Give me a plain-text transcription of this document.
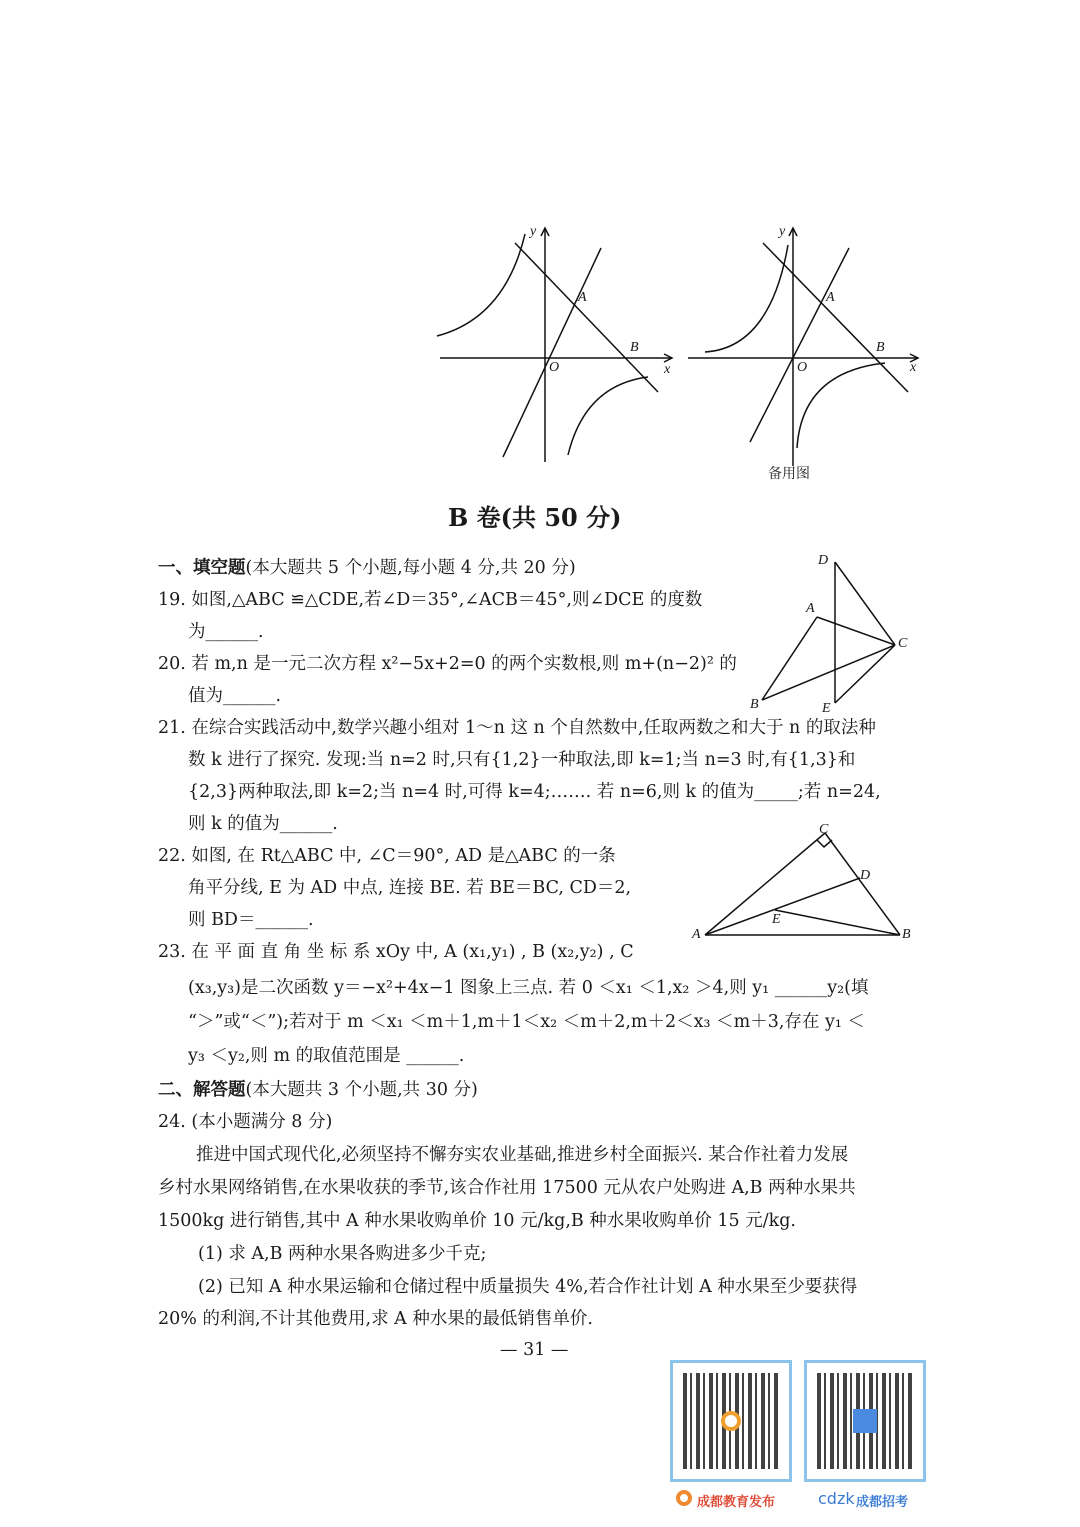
y
x
O
A
B
y
x
O
A
B
备用图
D
A
C
B	E
C
D
A
E
B
B 卷(共 50 分)
一、填空题(本大题共 5 个小题,每小题 4 分,共 20 分)
19. 如图,△ABC ≌△CDE,若∠D＝35°,∠ACB＝45°,则∠DCE 的度数
为______.
20. 若 m,n 是一元二次方程 x²−5x+2=0 的两个实数根,则 m+(n−2)² 的
值为______.
21. 在综合实践活动中,数学兴趣小组对 1～n 这 n 个自然数中,任取两数之和大于 n 的取法种
数 k 进行了探究. 发现:当 n=2 时,只有{1,2}一种取法,即 k=1;当 n=3 时,有{1,3}和
{2,3}两种取法,即 k=2;当 n=4 时,可得 k=4;……. 若 n=6,则 k 的值为_____;若 n=24,
则 k 的值为______.
22. 如图, 在 Rt△ABC 中, ∠C＝90°, AD 是△ABC 的一条
角平分线, E 为 AD 中点, 连接 BE. 若 BE＝BC, CD＝2,
则 BD＝______.
23. 在 平 面 直 角 坐 标 系 xOy 中, A (x₁,y₁) , B (x₂,y₂) , C
(x₃,y₃)是二次函数 y＝−x²+4x−1 图象上三点. 若 0 ＜x₁ ＜1,x₂ ＞4,则 y₁ ______y₂(填
“＞”或“＜”);若对于 m ＜x₁ ＜m＋1,m＋1＜x₂ ＜m＋2,m＋2＜x₃ ＜m＋3,存在 y₁ ＜
y₃ ＜y₂,则 m 的取值范围是 ______.
二、解答题(本大题共 3 个小题,共 30 分)
24. (本小题满分 8 分)
推进中国式现代化,必须坚持不懈夯实农业基础,推进乡村全面振兴. 某合作社着力发展
乡村水果网络销售,在水果收获的季节,该合作社用 17500 元从农户处购进 A,B 两种水果共
1500kg 进行销售,其中 A 种水果收购单价 10 元/kg,B 种水果收购单价 15 元/kg.
(1) 求 A,B 两种水果各购进多少千克;
(2) 已知 A 种水果运输和仓储过程中质量损失 4%,若合作社计划 A 种水果至少要获得
20% 的利润,不计其他费用,求 A 种水果的最低销售单价.
— 31 —
成都教育发布	cdzk 成都招考
